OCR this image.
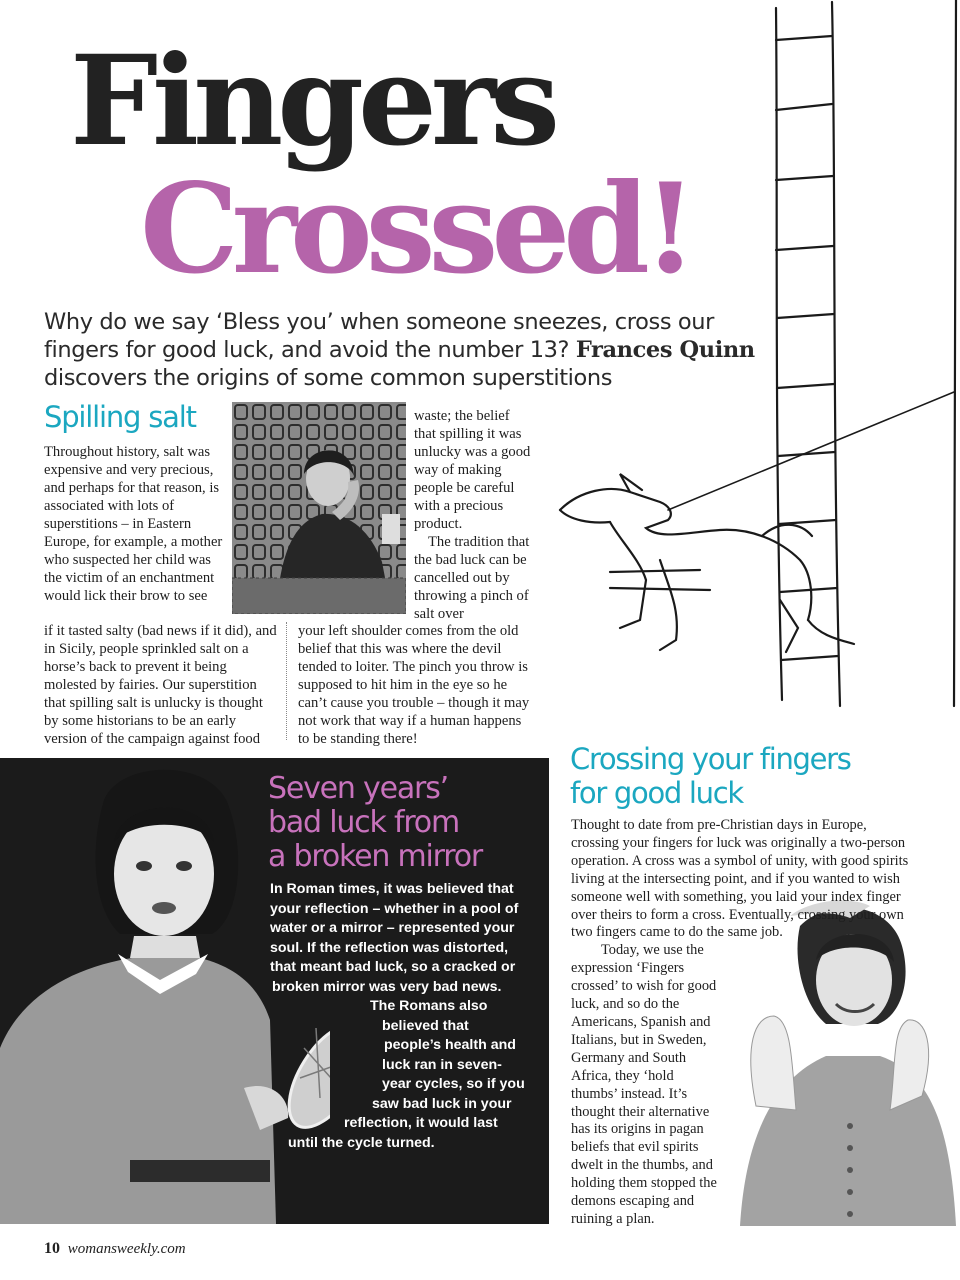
Fingers
Crossed!
Why do we say ‘Bless you’ when someone sneezes, cross our fingers for good luck, and avoid the number 13? Frances Quinn discovers the origins of some common superstitions
Spilling salt

Throughout history, salt was expensive and very precious, and perhaps for that reason, is associated with lots of superstitions – in Eastern Europe, for example, a mother who suspected her child was the victim of an enchantment would lick their brow to see

if it tasted salty (bad news if it did), and in Sicily, people sprinkled salt on a horse’s back to prevent it being molested by fairies. Our superstition that spilling salt is unlucky is thought by some historians to be an early version of the campaign against food

waste; the belief that spilling it was unlucky was a good way of making people be careful with a precious product.

The tradition that the bad luck can be cancelled out by throwing a pinch of salt over

your left shoulder comes from the old belief that this was where the devil tended to loiter. The pinch you throw is supposed to hit him in the eye so he can’t cause you trouble – though it may not work that way if a human happens to be standing there!

Seven years’
bad luck from
a broken mirror
In Roman times, it was believed that
your reflection – whether in a pool of
water or a mirror – represented your
soul. If the reflection was distorted,
that meant bad luck, so a cracked or
broken mirror was very bad news.
The Romans also
believed that
people’s health and
luck ran in seven-
year cycles, so if you
saw bad luck in your
reflection, it would last
until the cycle turned.
Crossing your fingers
for good luck

Thought to date from pre-Christian days in Europe, crossing your fingers for luck was originally a two-person operation. A cross was a symbol of unity, with good spirits living at the intersecting point, and if you wanted to wish someone well with something, you laid your index finger over theirs to form a cross. Eventually, crossing your own two fingers came to do the same job.

Today, we use the expression ‘Fingers crossed’ to wish for good luck, and so do the Americans, Spanish and Italians, but in Sweden, Germany and South Africa, they ‘hold thumbs’ instead. It’s thought their alternative has its origins in pagan beliefs that evil spirits dwelt in the thumbs, and holding them stopped the demons escaping and ruining a plan.

10 womansweekly.com
